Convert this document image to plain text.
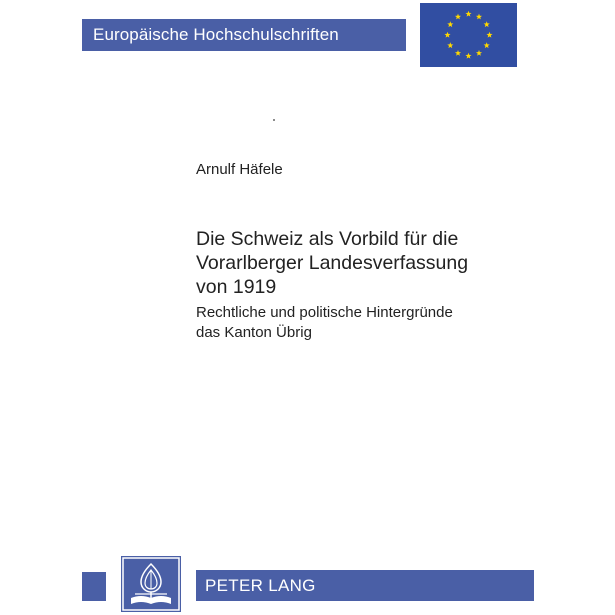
Europäische Hochschulschriften
Arnulf Häfele
Die Schweiz als Vorbild für die
Vorarlberger Landesverfassung
von 1919
Rechtliche und politische Hintergründe
das Kanton Übrig
PETER LANG
